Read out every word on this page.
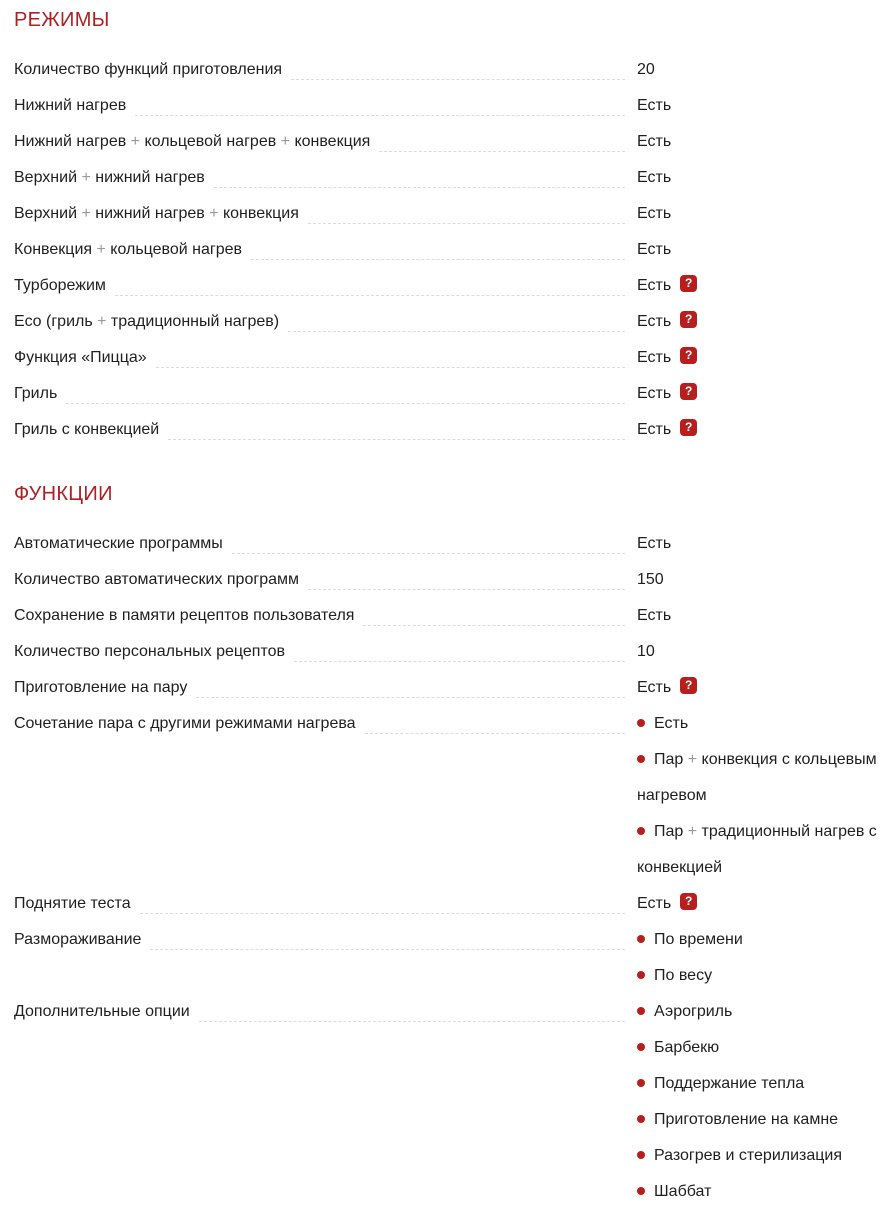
РЕЖИМЫ
Количество функций приготовления	20
Нижний нагрев	Есть
Нижний нагрев + кольцевой нагрев + конвекция	Есть
Верхний + нижний нагрев	Есть
Верхний + нижний нагрев + конвекция	Есть
Конвекция + кольцевой нагрев	Есть
Турборежим	Есть ?
Eco (гриль + традиционный нагрев)	Есть ?
Функция «Пицца»	Есть ?
Гриль	Есть ?
Гриль с конвекцией	Есть ?
ФУНКЦИИ
Автоматические программы	Есть
Количество автоматических программ	150
Сохранение в памяти рецептов пользователя	Есть
Количество персональных рецептов	10
Приготовление на пару	Есть ?
Сочетание пара с другими режимами нагрева	Есть
Пар + конвекция с кольцевым нагревом
Пар + традиционный нагрев с конвекцией
Поднятие теста	Есть ?
Размораживание	По времени
По весу
Дополнительные опции	Аэрогриль
Барбекю
Поддержание тепла
Приготовление на камне
Разогрев и стерилизация
Шаббат
